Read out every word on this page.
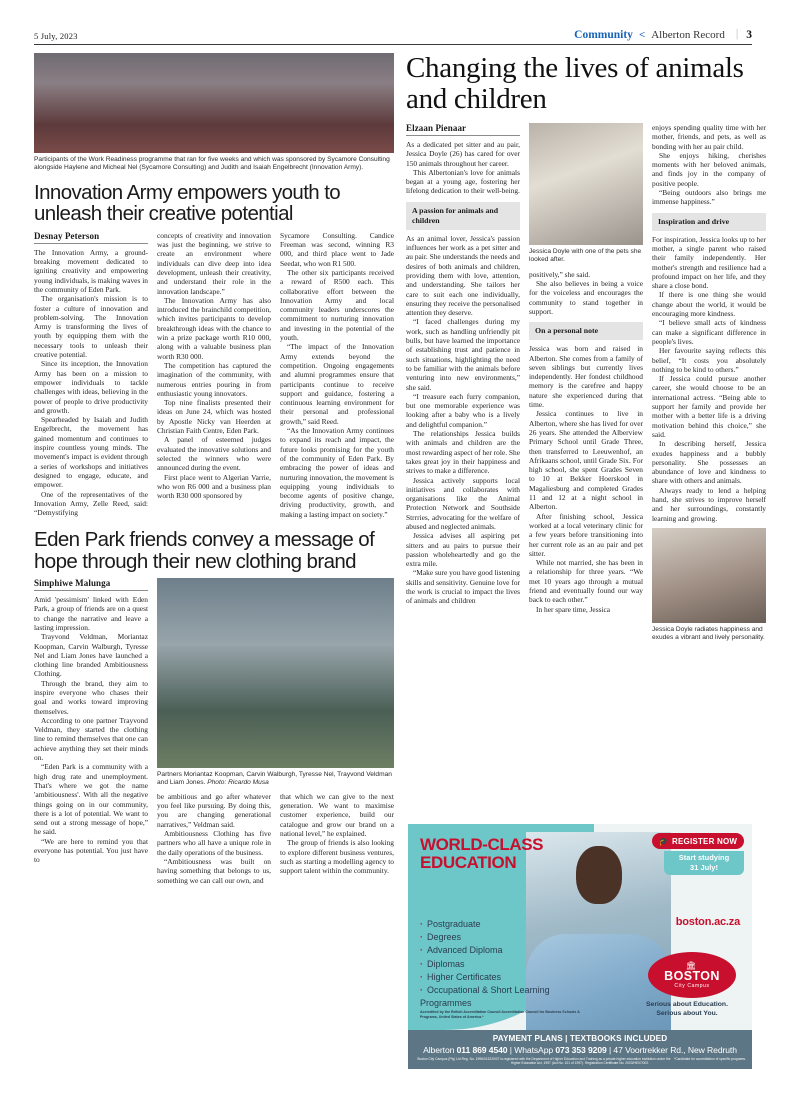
5 July, 2023	Community < Alberton Record | 3
Participants of the Work Readiness programme that ran for five weeks and which was sponsored by Sycamore Consulting alongside Haylene and Micheal Nel (Sycamore Consulting) and Judith and Isaiah Engelbrecht (Innovation Army).
Innovation Army empowers youth to unleash their creative potential
Desnay Peterson

The Innovation Army, a ground-breaking movement dedicated to igniting creativity and empowering young individuals, is making waves in the community of Eden Park.

The organisation's mission is to foster a culture of innovation and problem-solving. The Innovation Army is transforming the lives of youth by equipping them with the necessary tools to unleash their creative potential.

Since its inception, the Innovation Army has been on a mission to empower individuals to tackle challenges with ideas, believing in the power of people to drive productivity and growth.

Spearheaded by Isaiah and Judith Engelbrecht, the movement has gained momentum and continues to inspire countless young minds. The movement's impact is evident through a series of workshops and initiatives designed to engage, educate, and empower.

One of the representatives of the Innovation Army, Zelle Reed, said: “Demystifying

concepts of creativity and innovation was just the beginning, we strive to create an environment where individuals can dive deep into idea development, unleash their creativity, and understand their role in the innovation landscape.”

The Innovation Army has also introduced the brainchild competition, which invites participants to develop breakthrough ideas with the chance to win a prize package worth R10 000, along with a valuable business plan worth R30 000.

The competition has captured the imagination of the community, with numerous entries pouring in from enthusiastic young innovators.

Top nine finalists presented their ideas on June 24, which was hosted by Apostle Nicky van Heerden at Christian Faith Centre, Eden Park.

A panel of esteemed judges evaluated the innovative solutions and selected the winners who were announced during the event.

First place went to Algerian Varrie, who won R6 000 and a business plan worth R30 000 sponsored by

Sycamore Consulting. Candice Freeman was second, winning R3 000, and third place went to Jade Seedat, who won R1 500.

The other six participants received a reward of R500 each. This collaborative effort between the Innovation Army and local community leaders underscores the commitment to nurturing innovation and investing in the potential of the youth.

“The impact of the Innovation Army extends beyond the competition. Ongoing engagements and alumni programmes ensure that participants continue to receive support and guidance, fostering a continuous learning environment for their personal and professional growth,” said Reed.

“As the Innovation Army continues to expand its reach and impact, the future looks promising for the youth of the community of Eden Park. By embracing the power of ideas and nurturing innovation, the movement is equipping young individuals to become agents of positive change, driving productivity, growth, and making a lasting impact on society.”

Eden Park friends convey a message of hope through their new clothing brand
Simphiwe Malunga

Amid 'pessimism' linked with Eden Park, a group of friends are on a quest to change the narrative and leave a lasting impression.

Trayvond Veldman, Moriantaz Koopman, Carvin Walburgh, Tyresse Nel and Liam Jones have launched a clothing line branded Ambitiousness Clothing.

Through the brand, they aim to inspire everyone who chases their goal and works toward improving themselves.

According to one partner Trayvond Veldman, they started the clothing line to remind themselves that one can achieve anything they set their minds on.

“Eden Park is a community with a high drug rate and unemployment. That's where we got the name 'ambitiousness'. With all the negative things going on in our community, there is a lot of potential. We want to send out a strong message of hope,” he said.

“We are here to remind you that everyone has potential. You just have to

Partners Moriantaz Koopman, Carvin Walburgh, Tyresse Nel, Trayvond Veldman and Liam Jones. Photo: Ricardo Musa

be ambitious and go after whatever you feel like pursuing. By doing this, you are changing generational narratives,” Veldman said.

Ambitiousness Clothing has five partners who all have a unique role in the daily operations of the business.

“Ambitiousness was built on having something that belongs to us, something we can call our own, and

that which we can give to the next generation. We want to maximise customer experience, build our catalogue and grow our brand on a national level,” he explained.

The group of friends is also looking to explore different business ventures, such as starting a modelling agency to support talent within the community.

Changing the lives of animals and children
Elzaan Pienaar

As a dedicated pet sitter and au pair, Jessica Doyle (26) has cared for over 150 animals throughout her career.

This Albertonian's love for animals began at a young age, fostering her lifelong dedication to their well-being.

A passion for animals and children

As an animal lover, Jessica's passion influences her work as a pet sitter and au pair. She understands the needs and desires of both animals and children, providing them with love, attention, and understanding. She tailors her care to suit each one individually, ensuring they receive the personalised attention they deserve.

“I faced challenges during my work, such as handling unfriendly pit bulls, but have learned the importance of establishing trust and patience in such situations, highlighting the need to be familiar with the animals before venturing into new environments,” she said.

“I treasure each furry companion, but one memorable experience was looking after a baby who is a lively and delightful companion.”

The relationships Jessica builds with animals and children are the most rewarding aspect of her role. She takes great joy in their happiness and strives to make a difference.

Jessica actively supports local initiatives and collaborates with organisations like the Animal Protection Network and Southside Strrries, advocating for the welfare of abused and neglected animals.

Jessica advises all aspiring pet sitters and au pairs to pursue their passion wholeheartedly and go the extra mile.

“Make sure you have good listening skills and sensitivity. Genuine love for the work is crucial to impact the lives of animals and children

Jessica Doyle with one of the pets she looked after.

positively,” she said.

She also believes in being a voice for the voiceless and encourages the community to stand together in support.

On a personal note

Jessica was born and raised in Alberton. She comes from a family of seven siblings but currently lives independently. Her fondest childhood memory is the carefree and happy nature she experienced during that time.

Jessica continues to live in Alberton, where she has lived for over 26 years. She attended the Alberview Primary School until Grade Three, then transferred to Leeuwenhof, an Afrikaans school, until Grade Six. For high school, she spent Grades Seven to 10 at Bekker Hoerskool in Magaliesburg and completed Grades 11 and 12 at a night school in Alberton.

After finishing school, Jessica worked at a local veterinary clinic for a few years before transitioning into her current role as an au pair and pet sitter.

While not married, she has been in a relationship for three years. “We met 10 years ago through a mutual friend and eventually found our way back to each other.”

In her spare time, Jessica

enjoys spending quality time with her mother, friends, and pets, as well as bonding with her au pair child.

She enjoys hiking, cherishes moments with her beloved animals, and finds joy in the company of positive people.

“Being outdoors also brings me immense happiness.”

Inspiration and drive

For inspiration, Jessica looks up to her mother, a single parent who raised their family independently. Her mother's strength and resilience had a profound impact on her life, and they share a close bond.

If there is one thing she would change about the world, it would be encouraging more kindness.

“I believe small acts of kindness can make a significant difference in people's lives.

Her favourite saying reflects this belief, “It costs you absolutely nothing to be kind to others.”

If Jessica could pursue another career, she would choose to be an international actress. “Being able to support her family and provide her mother with a better life is a driving motivation behind this choice,” she said.

In describing herself, Jessica exudes happiness and a bubbly personality. She possesses an abundance of love and kindness to share with others and animals.

Always ready to lend a helping hand, she strives to improve herself and her surroundings, constantly learning and growing.

Jessica Doyle radiates happiness and exudes a vibrant and lively personality.
WORLD-CLASS EDUCATION
· Postgraduate
· Degrees
· Advanced Diploma
· Diplomas
· Higher Certificates
· Occupational & Short Learning Programmes
Accredited by the British Accreditation Council Accreditation Council for Business Schools & Programs, United States of America.*
🎓 REGISTER NOW
Start studying
31 July!
boston.ac.za
🏛
BOSTON
City Campus
Serious about Education.
Serious about You.
PAYMENT PLANS | TEXTBOOKS INCLUDED
Alberton 011 869 4540 | WhatsApp 073 353 9209 | 47 Voortrekker Rd., New Redruth
*Candidate for accreditation of specific programs.
Boston City Campus (Pty) Ltd Reg. No. 1996/013220/07 is registered with the Department of Higher Education and Training as a private higher education institution under the Higher Education Act, 1997 (Act No. 101 of 1997). Registration Certificate No. 2003/HE07/002.
